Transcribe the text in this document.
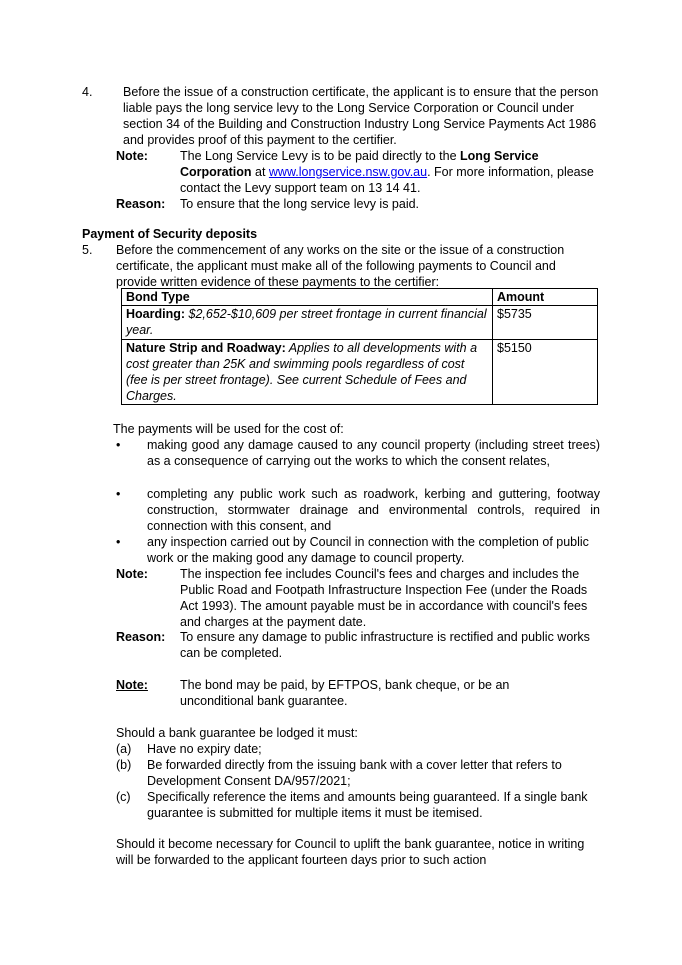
4. Before the issue of a construction certificate, the applicant is to ensure that the person liable pays the long service levy to the Long Service Corporation or Council under section 34 of the Building and Construction Industry Long Service Payments Act 1986 and provides proof of this payment to the certifier.
Note:	The Long Service Levy is to be paid directly to the Long Service Corporation at www.longservice.nsw.gov.au. For more information, please contact the Levy support team on 13 14 41.
Reason: To ensure that the long service levy is paid.
Payment of Security deposits
5. Before the commencement of any works on the site or the issue of a construction certificate, the applicant must make all of the following payments to Council and provide written evidence of these payments to the certifier:
Bond Type	Amount
Hoarding: $2,652-$10,609 per street frontage in current financial year.	$5735
Nature Strip and Roadway: Applies to all developments with a cost greater than 25K and swimming pools regardless of cost (fee is per street frontage). See current Schedule of Fees and Charges.	$5150
The payments will be used for the cost of:
• making good any damage caused to any council property (including street trees) as a consequence of carrying out the works to which the consent relates,
• completing any public work such as roadwork, kerbing and guttering, footway construction, stormwater drainage and environmental controls, required in connection with this consent, and
• any inspection carried out by Council in connection with the completion of public work or the making good any damage to council property.
Note:	The inspection fee includes Council's fees and charges and includes the Public Road and Footpath Infrastructure Inspection Fee (under the Roads Act 1993). The amount payable must be in accordance with council's fees and charges at the payment date.
Reason: To ensure any damage to public infrastructure is rectified and public works can be completed.
Note:	The bond may be paid, by EFTPOS, bank cheque, or be an unconditional bank guarantee.
Should a bank guarantee be lodged it must:
(a) Have no expiry date;
(b) Be forwarded directly from the issuing bank with a cover letter that refers to Development Consent DA/957/2021;
(c) Specifically reference the items and amounts being guaranteed. If a single bank guarantee is submitted for multiple items it must be itemised.
Should it become necessary for Council to uplift the bank guarantee, notice in writing will be forwarded to the applicant fourteen days prior to such action
